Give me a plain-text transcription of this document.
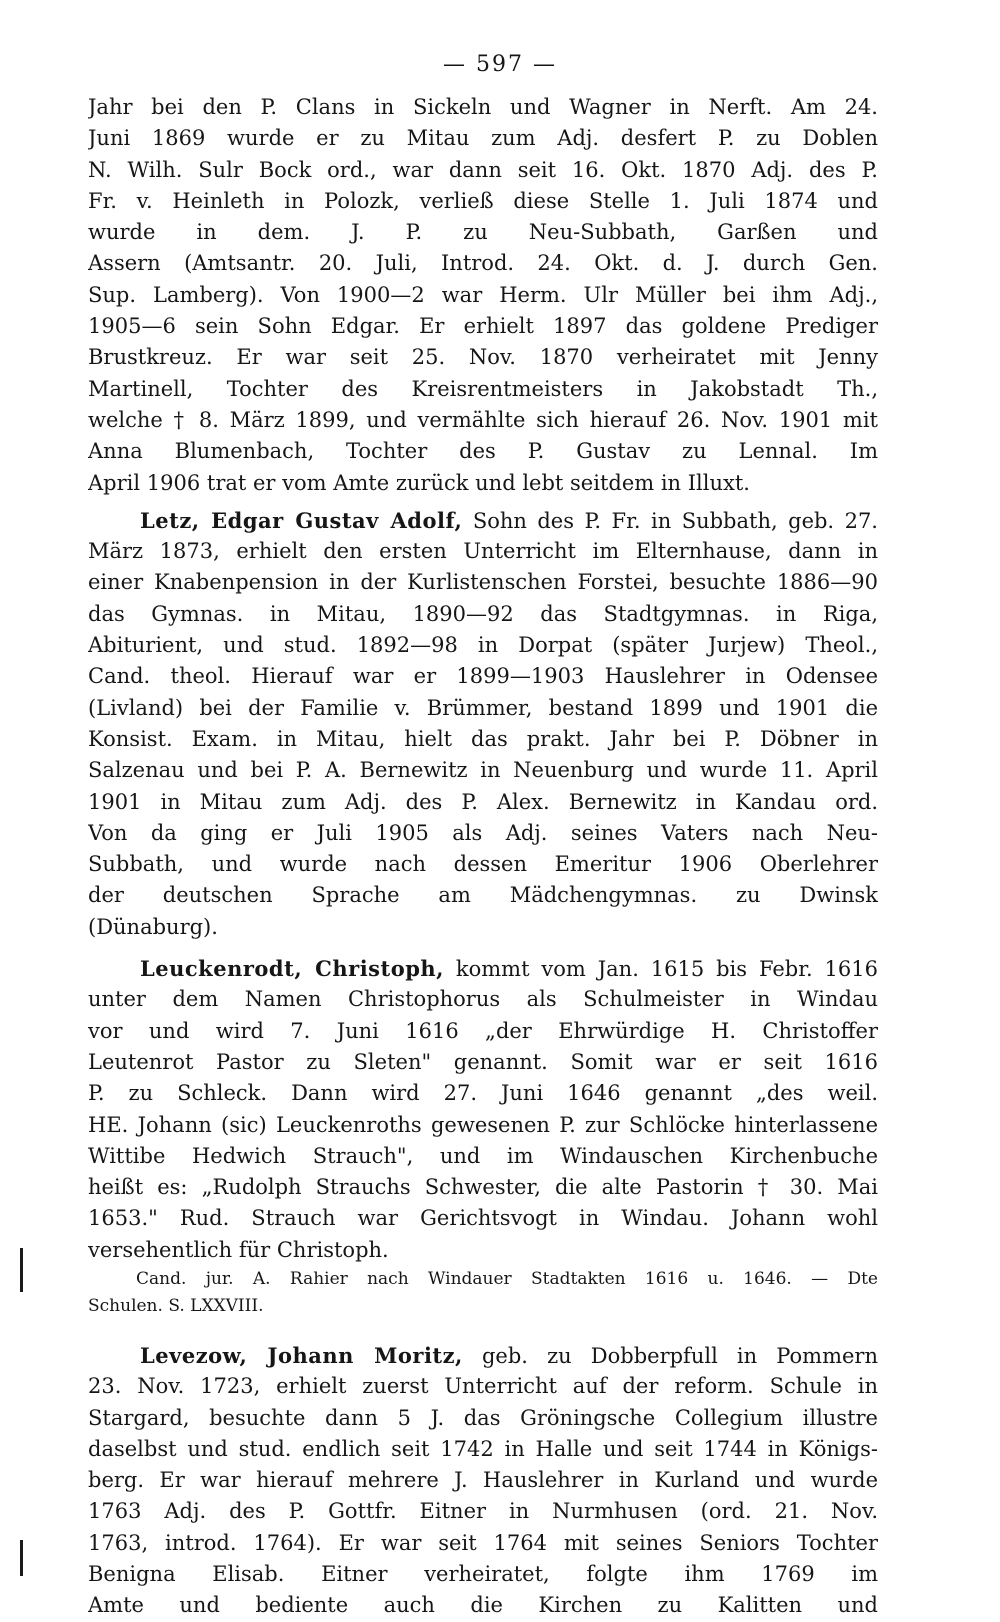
— 597 —
Jahr bei den P. Clans in Sickeln und Wagner in Nerft. Am 24.
Juni 1869 wurde er zu Mitau zum Adj. desfert P. zu Doblen
N. Wilh. Sulr Bock ord., war dann seit 16. Okt. 1870 Adj. des P.
Fr. v. Heinleth in Polozk, verließ diese Stelle 1. Juli 1874 und
wurde in dem. J. P. zu Neu-Subbath, Garßen und
Assern (Amtsantr. 20. Juli, Introd. 24. Okt. d. J. durch Gen.
Sup. Lamberg). Von 1900—2 war Herm. Ulr Müller bei ihm Adj.,
1905—6 sein Sohn Edgar. Er erhielt 1897 das goldene Prediger
Brustkreuz. Er war seit 25. Nov. 1870 verheiratet mit Jenny
Martinell, Tochter des Kreisrentmeisters in Jakobstadt Th.,
welche † 8. März 1899, und vermählte sich hierauf 26. Nov. 1901 mit
Anna Blumenbach, Tochter des P. Gustav zu Lennal. Im
April 1906 trat er vom Amte zurück und lebt seitdem in Illuxt.
Letz, Edgar Gustav Adolf, Sohn des P. Fr. in Subbath, geb. 27.
März 1873, erhielt den ersten Unterricht im Elternhause, dann in
einer Knabenpension in der Kurlistenschen Forstei, besuchte 1886—90
das Gymnas. in Mitau, 1890—92 das Stadtgymnas. in Riga,
Abiturient, und stud. 1892—98 in Dorpat (später Jurjew) Theol.,
Cand. theol. Hierauf war er 1899—1903 Hauslehrer in Odensee
(Livland) bei der Familie v. Brümmer, bestand 1899 und 1901 die
Konsist. Exam. in Mitau, hielt das prakt. Jahr bei P. Döbner in
Salzenau und bei P. A. Bernewitz in Neuenburg und wurde 11. April
1901 in Mitau zum Adj. des P. Alex. Bernewitz in Kandau ord.
Von da ging er Juli 1905 als Adj. seines Vaters nach Neu-
Subbath, und wurde nach dessen Emeritur 1906 Oberlehrer
der deutschen Sprache am Mädchengymnas. zu Dwinsk
(Dünaburg).
Leuckenrodt, Christoph, kommt vom Jan. 1615 bis Febr. 1616
unter dem Namen Christophorus als Schulmeister in Windau
vor und wird 7. Juni 1616 „der Ehrwürdige H. Christoffer
Leutenrot Pastor zu Sleten" genannt. Somit war er seit 1616
P. zu Schleck. Dann wird 27. Juni 1646 genannt „des weil.
HE. Johann (sic) Leuckenroths gewesenen P. zur Schlöcke hinterlassene
Wittibe Hedwich Strauch", und im Windauschen Kirchenbuche
heißt es: „Rudolph Strauchs Schwester, die alte Pastorin † 30. Mai
1653." Rud. Strauch war Gerichtsvogt in Windau. Johann wohl
versehentlich für Christoph.
Cand. jur. A. Rahier nach Windauer Stadtakten 1616 u. 1646. — Dte
Schulen. S. LXXVIII.
Levezow, Johann Moritz, geb. zu Dobberpfull in Pommern
23. Nov. 1723, erhielt zuerst Unterricht auf der reform. Schule in
Stargard, besuchte dann 5 J. das Gröningsche Collegium illustre
daselbst und stud. endlich seit 1742 in Halle und seit 1744 in Königs-
berg. Er war hierauf mehrere J. Hauslehrer in Kurland und wurde
1763 Adj. des P. Gottfr. Eitner in Nurmhusen (ord. 21. Nov.
1763, introd. 1764). Er war seit 1764 mit seines Seniors Tochter
Benigna Elisab. Eitner verheiratet, folgte ihm 1769 im
Amte und bediente auch die Kirchen zu Kalitten und
